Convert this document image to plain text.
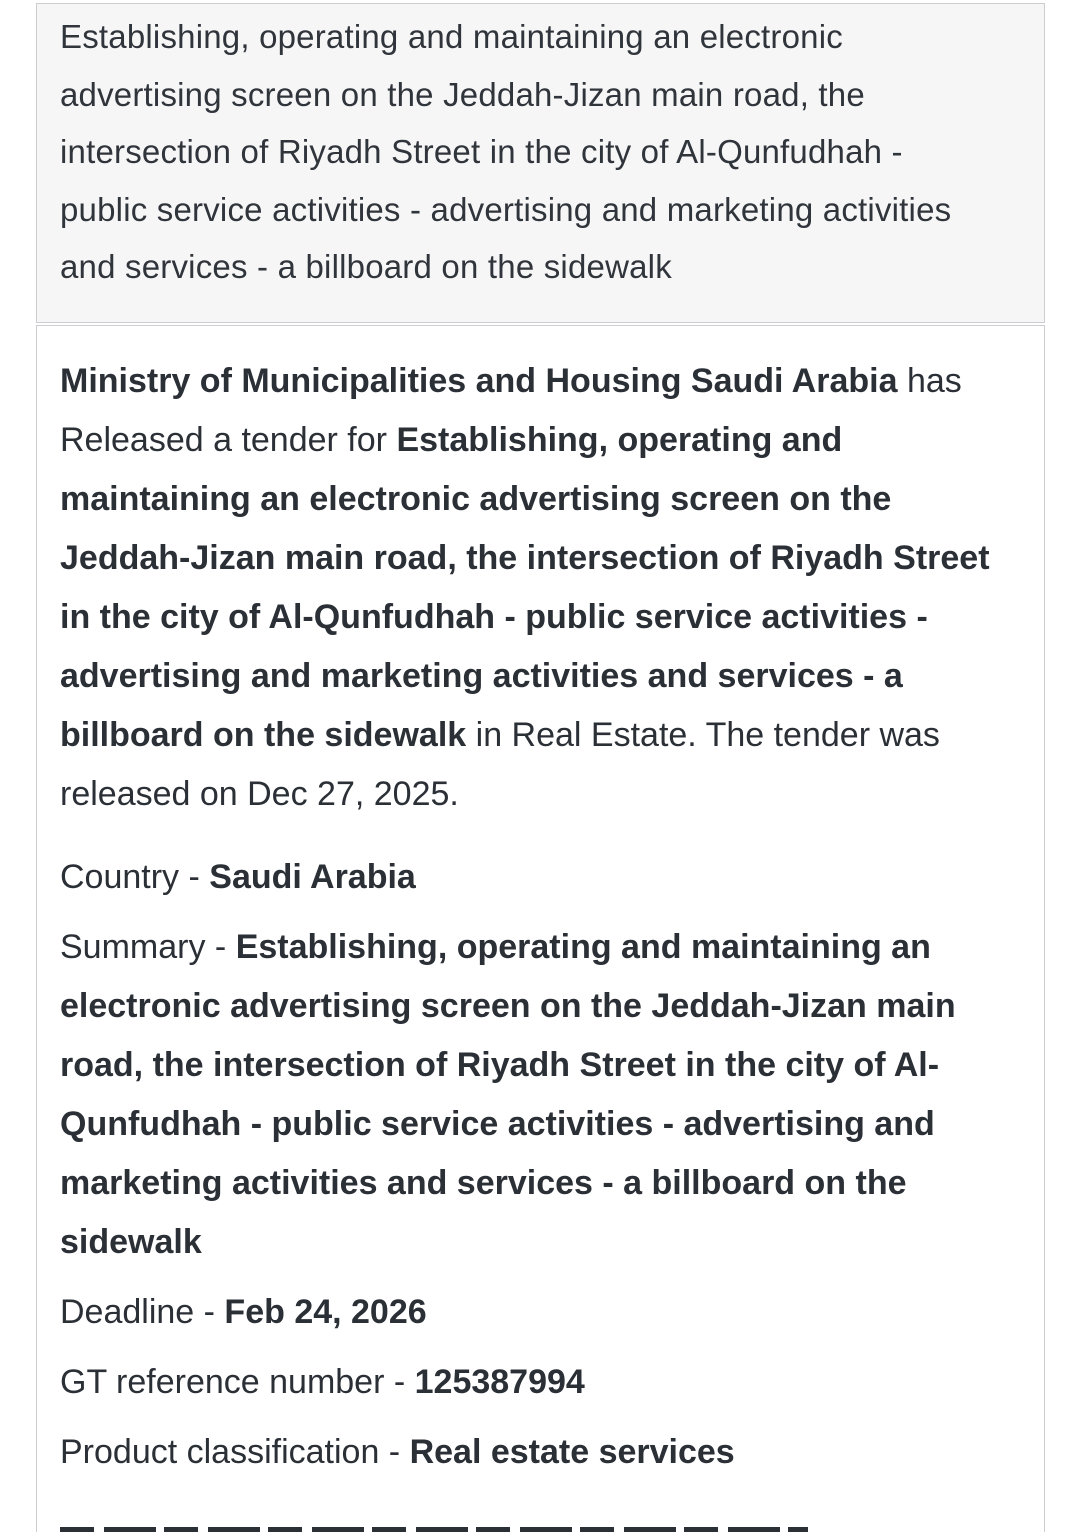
Establishing, operating and maintaining an electronic advertising screen on the Jeddah-Jizan main road, the intersection of Riyadh Street in the city of Al-Qunfudhah - public service activities - advertising and marketing activities and services - a billboard on the sidewalk

Ministry of Municipalities and Housing Saudi Arabia has Released a tender for Establishing, operating and maintaining an electronic advertising screen on the Jeddah-Jizan main road, the intersection of Riyadh Street in the city of Al-Qunfudhah - public service activities - advertising and marketing activities and services - a billboard on the sidewalk in Real Estate. The tender was released on Dec 27, 2025.

Country - Saudi Arabia

Summary - Establishing, operating and maintaining an electronic advertising screen on the Jeddah-Jizan main road, the intersection of Riyadh Street in the city of Al-Qunfudhah - public service activities - advertising and marketing activities and services - a billboard on the sidewalk

Deadline - Feb 24, 2026

GT reference number - 125387994

Product classification - Real estate services
